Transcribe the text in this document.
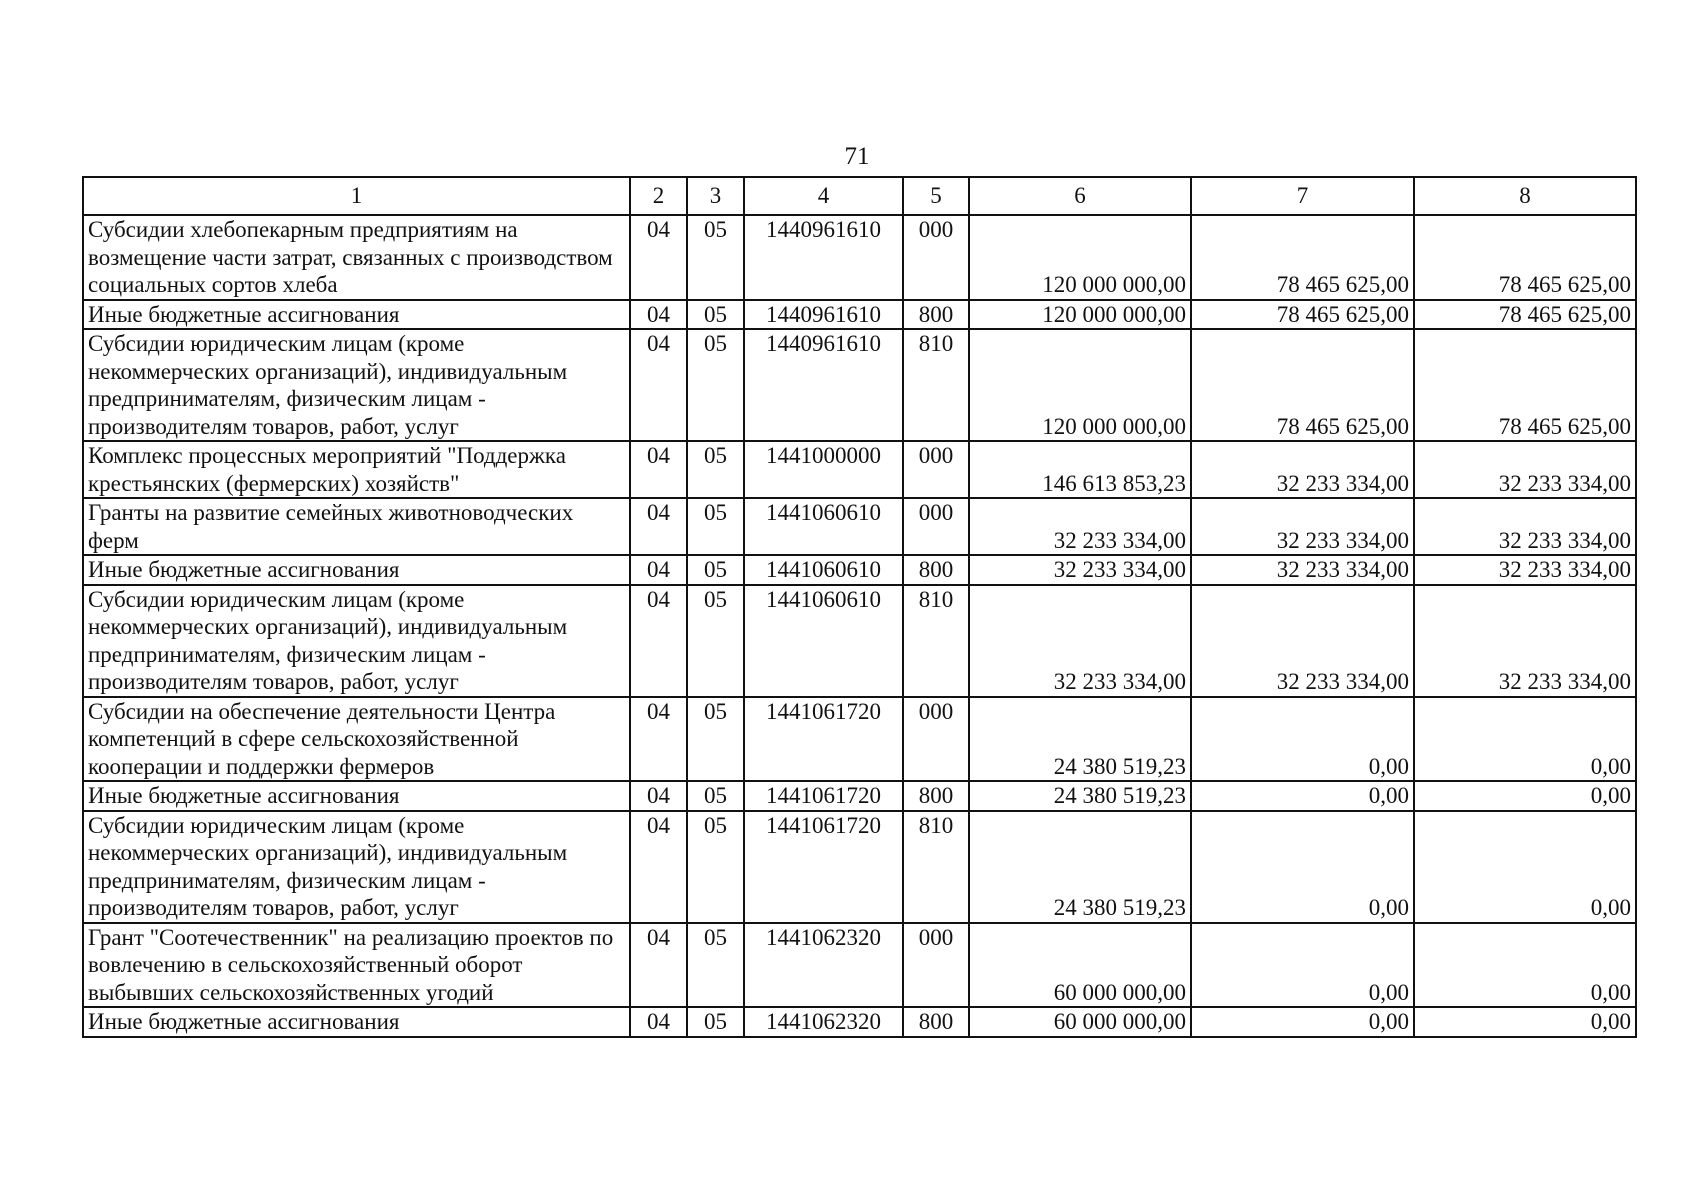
71
1	2	3	4	5	6	7	8
Субсидии хлебопекарным предприятиям на возмещение части затрат, связанных с производством социальных сортов хлеба	04	05	1440961610	000	120 000 000,00	78 465 625,00	78 465 625,00
Иные бюджетные ассигнования	04	05	1440961610	800	120 000 000,00	78 465 625,00	78 465 625,00
Субсидии юридическим лицам (кроме некоммерческих организаций), индивидуальным предпринимателям, физическим лицам - производителям товаров, работ, услуг	04	05	1440961610	810	120 000 000,00	78 465 625,00	78 465 625,00
Комплекс процессных мероприятий "Поддержка крестьянских (фермерских) хозяйств"	04	05	1441000000	000	146 613 853,23	32 233 334,00	32 233 334,00
Гранты на развитие семейных животноводческих ферм	04	05	1441060610	000	32 233 334,00	32 233 334,00	32 233 334,00
Иные бюджетные ассигнования	04	05	1441060610	800	32 233 334,00	32 233 334,00	32 233 334,00
Субсидии юридическим лицам (кроме некоммерческих организаций), индивидуальным предпринимателям, физическим лицам - производителям товаров, работ, услуг	04	05	1441060610	810	32 233 334,00	32 233 334,00	32 233 334,00
Субсидии на обеспечение деятельности Центра компетенций в сфере сельскохозяйственной кооперации и поддержки фермеров	04	05	1441061720	000	24 380 519,23	0,00	0,00
Иные бюджетные ассигнования	04	05	1441061720	800	24 380 519,23	0,00	0,00
Субсидии юридическим лицам (кроме некоммерческих организаций), индивидуальным предпринимателям, физическим лицам - производителям товаров, работ, услуг	04	05	1441061720	810	24 380 519,23	0,00	0,00
Грант "Соотечественник" на реализацию проектов по вовлечению в сельскохозяйственный оборот выбывших сельскохозяйственных угодий	04	05	1441062320	000	60 000 000,00	0,00	0,00
Иные бюджетные ассигнования	04	05	1441062320	800	60 000 000,00	0,00	0,00
